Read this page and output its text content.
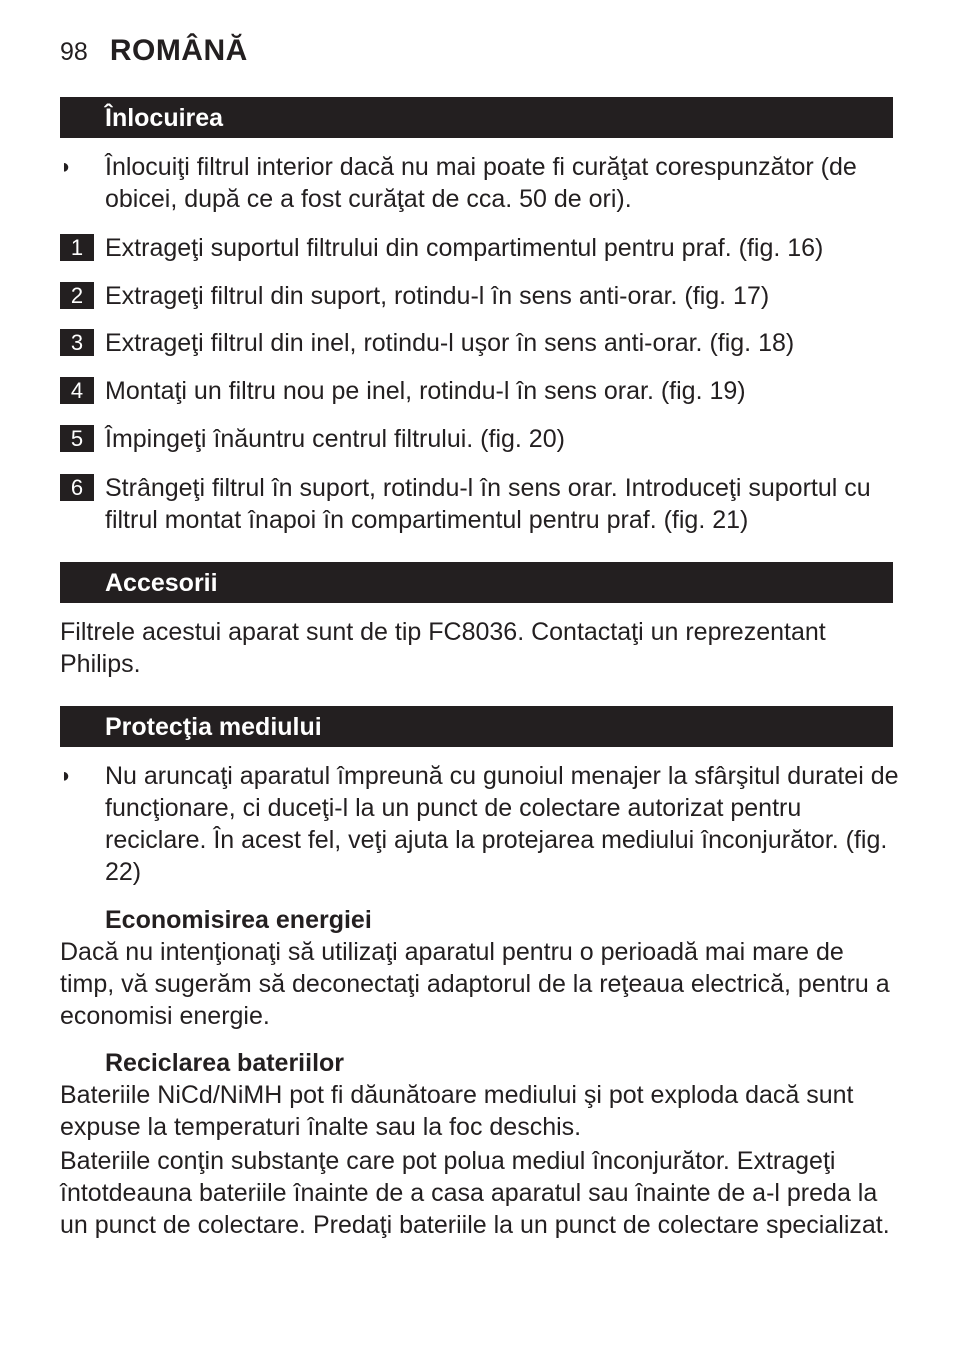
98 ROMÂNĂ
Înlocuirea
◗ Înlocuiţi filtrul interior dacă nu mai poate fi curăţat corespunzător (de obicei, după ce a fost curăţat de cca. 50 de ori).
1 Extrageţi suportul filtrului din compartimentul pentru praf. (fig. 16)
2 Extrageţi filtrul din suport, rotindu-l în sens anti-orar. (fig. 17)
3 Extrageţi filtrul din inel, rotindu-l uşor în sens anti-orar. (fig. 18)
4 Montaţi un filtru nou pe inel, rotindu-l în sens orar. (fig. 19)
5 Împingeţi înăuntru centrul filtrului. (fig. 20)
6 Strângeţi filtrul în suport, rotindu-l în sens orar. Introduceţi suportul cu filtrul montat înapoi în compartimentul pentru praf. (fig. 21)
Accesorii
Filtrele acestui aparat sunt de tip FC8036. Contactaţi un reprezentant Philips.
Protecţia mediului
◗ Nu aruncaţi aparatul împreună cu gunoiul menajer la sfârşitul duratei de funcţionare, ci duceţi-l la un punct de colectare autorizat pentru reciclare. În acest fel, veţi ajuta la protejarea mediului înconjurător. (fig. 22)
Economisirea energiei
Dacă nu intenţionaţi să utilizaţi aparatul pentru o perioadă mai mare de timp, vă sugerăm să deconectaţi adaptorul de la reţeaua electrică, pentru a economisi energie.
Reciclarea bateriilor
Bateriile NiCd/NiMH pot fi dăunătoare mediului şi pot exploda dacă sunt expuse la temperaturi înalte sau la foc deschis.
Bateriile conţin substanţe care pot polua mediul înconjurător. Extrageţi întotdeauna bateriile înainte de a casa aparatul sau înainte de a-l preda la un punct de colectare. Predaţi bateriile la un punct de colectare specializat.
